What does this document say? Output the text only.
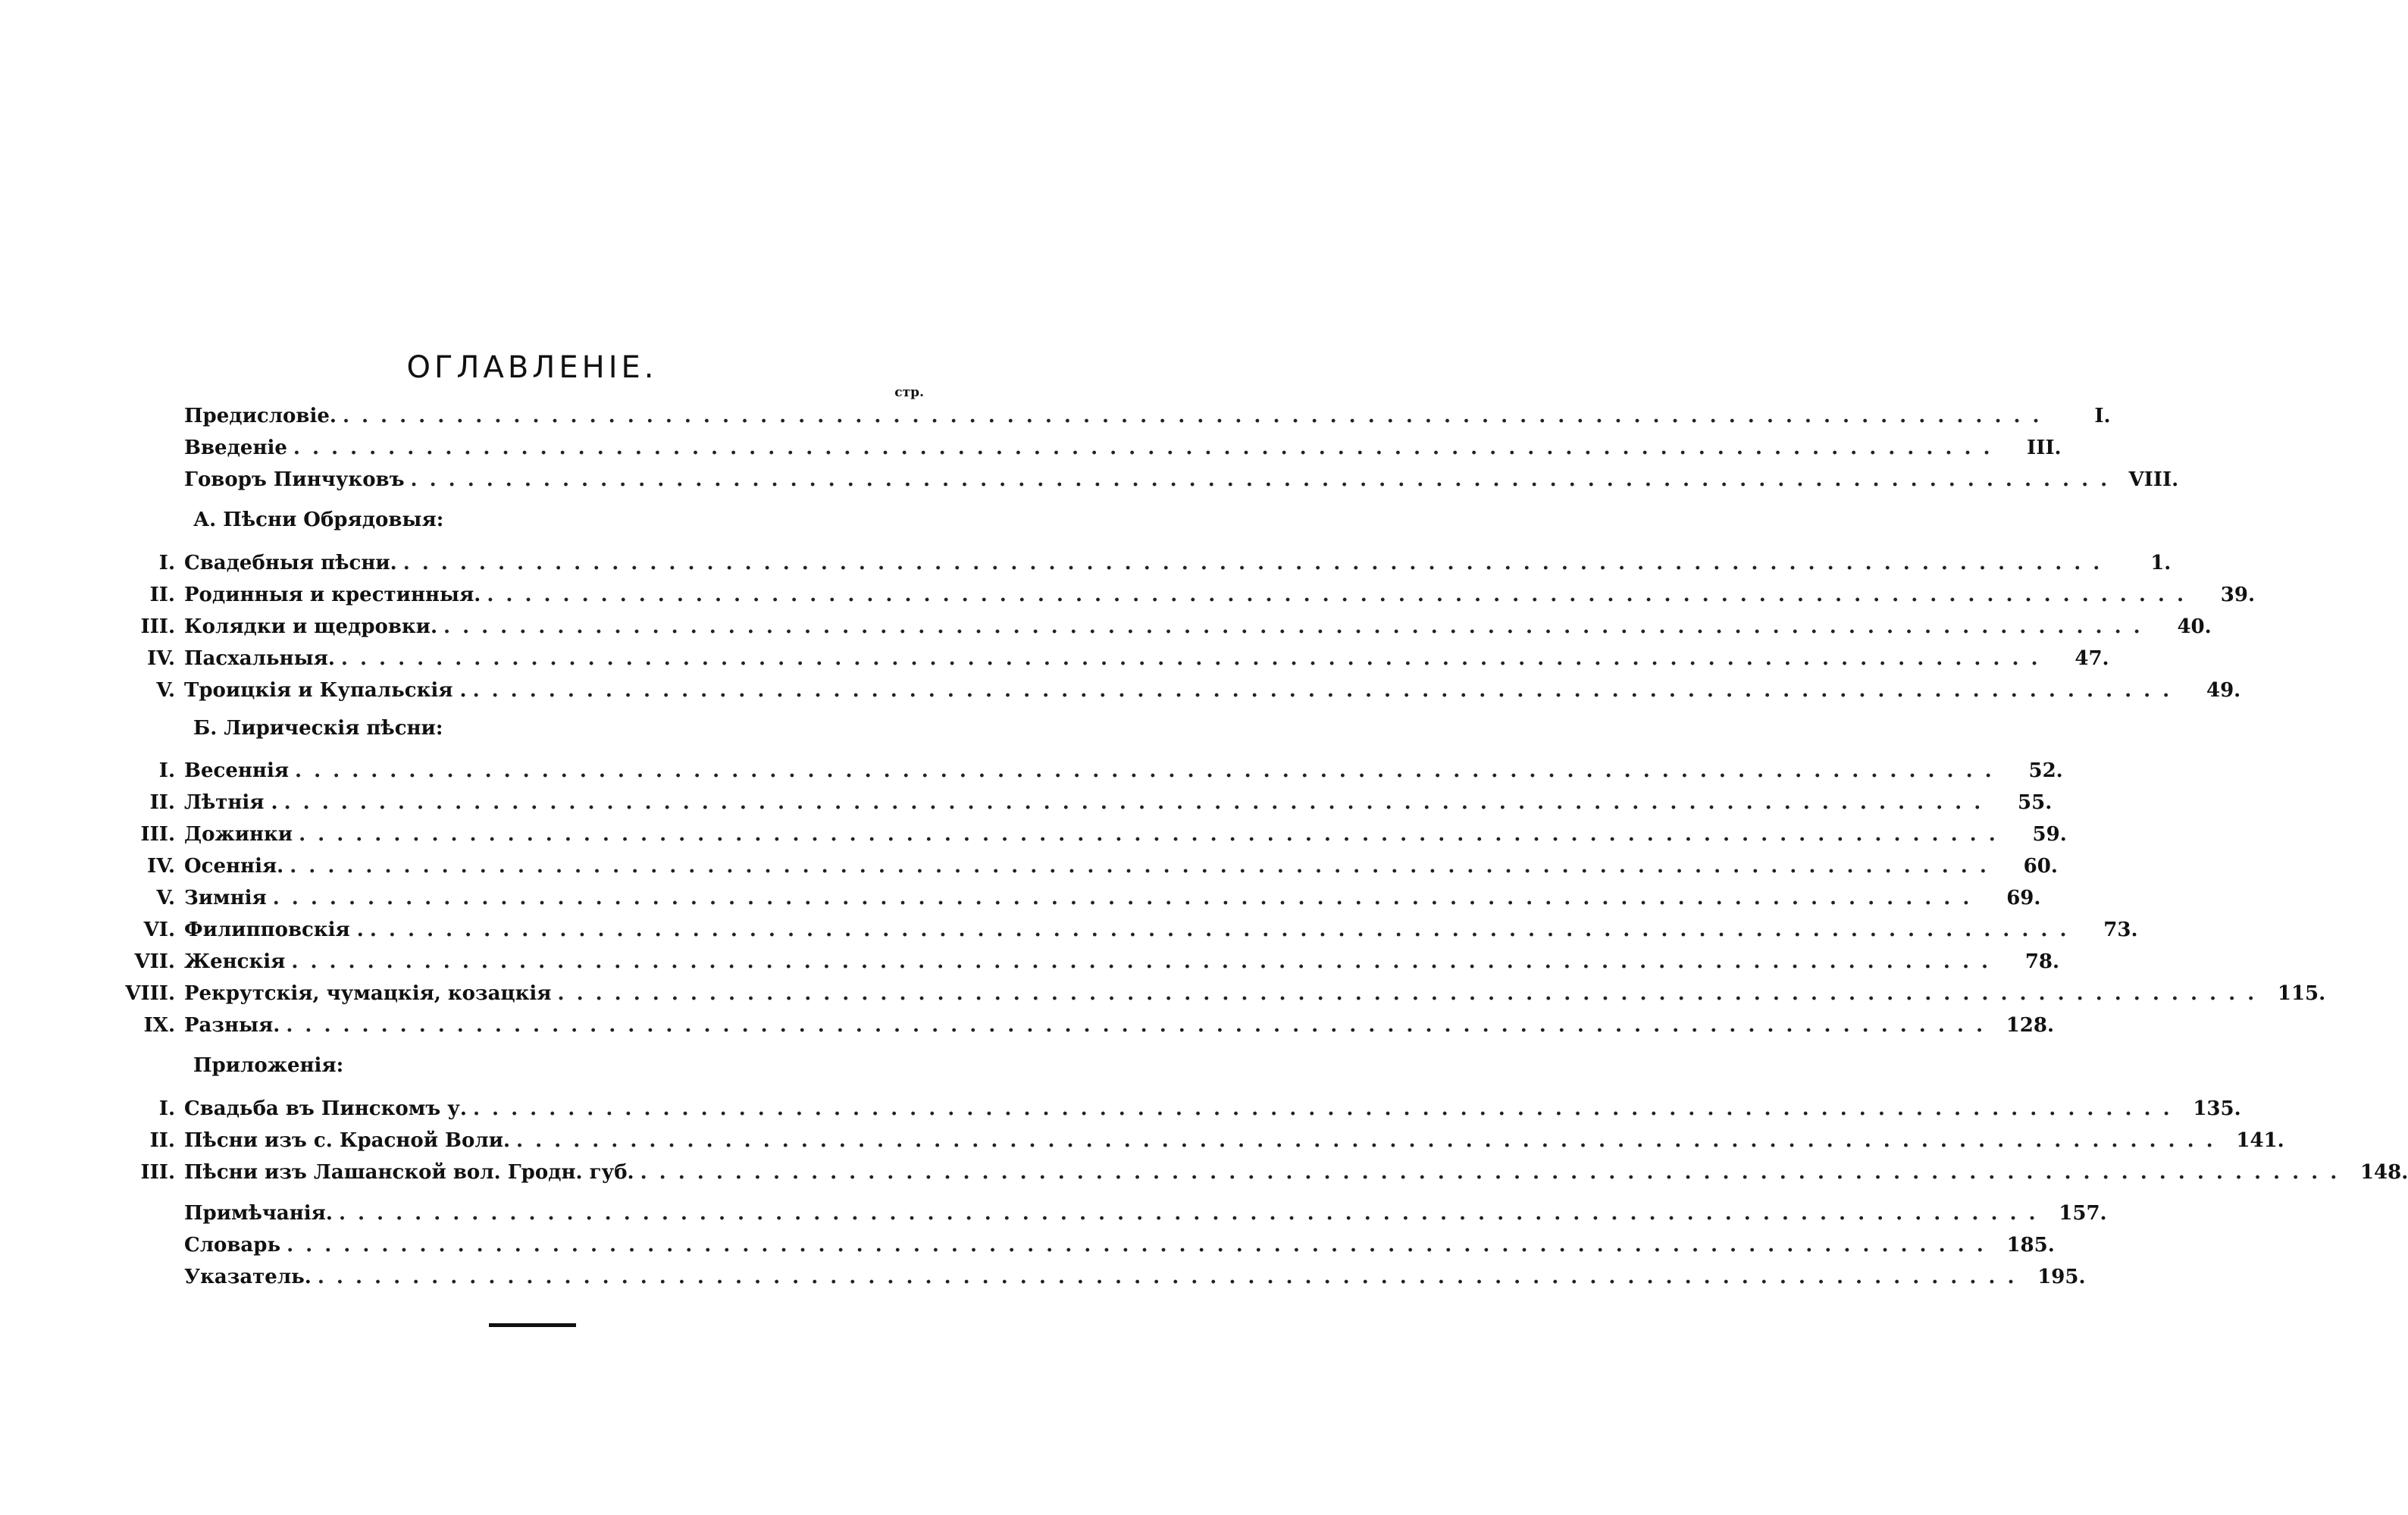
ОГЛАВЛЕНІЕ.
стр.
Предисловіе. ..........................................................................................	I.
Введеніе ..........................................................................................	III.
Говоръ Пинчуковъ .......................................................................................... VIII.
А. Пѣсни Обрядовыя:
I. Свадебныя пѣсни. ..........................................................................................	1.
II. Родинныя и крестинныя. ..........................................................................................	39.
III. Колядки и щедровки. ..........................................................................................	40.
IV. Пасхальныя. ..........................................................................................	47.
V. Троицкія и Купальскія . ..........................................................................................	49.
Б. Лирическія пѣсни:
I. Весеннія ..........................................................................................	52.
II. Лѣтнія . ..........................................................................................	55.
III. Дожинки ..........................................................................................	59.
IV. Осеннія. ..........................................................................................	60.
V. Зимнія ..........................................................................................	69.
VI. Филипповскія . ..........................................................................................	73.
VII. Женскія ..........................................................................................	78.
VIII. Рекрутскія, чумацкія, козацкія .......................................................................................... 115.
IX. Разныя. .......................................................................................... 128.
Приложенія:
I. Свадьба въ Пинскомъ у. .......................................................................................... 135.
II. Пѣсни изъ с. Красной Воли. .......................................................................................... 141.
III. Пѣсни изъ Лашанской вол. Гродн. губ. .......................................................................................... 148.
Примѣчанія. .......................................................................................... 157.
Словарь .......................................................................................... 185.
Указатель. .......................................................................................... 195.
